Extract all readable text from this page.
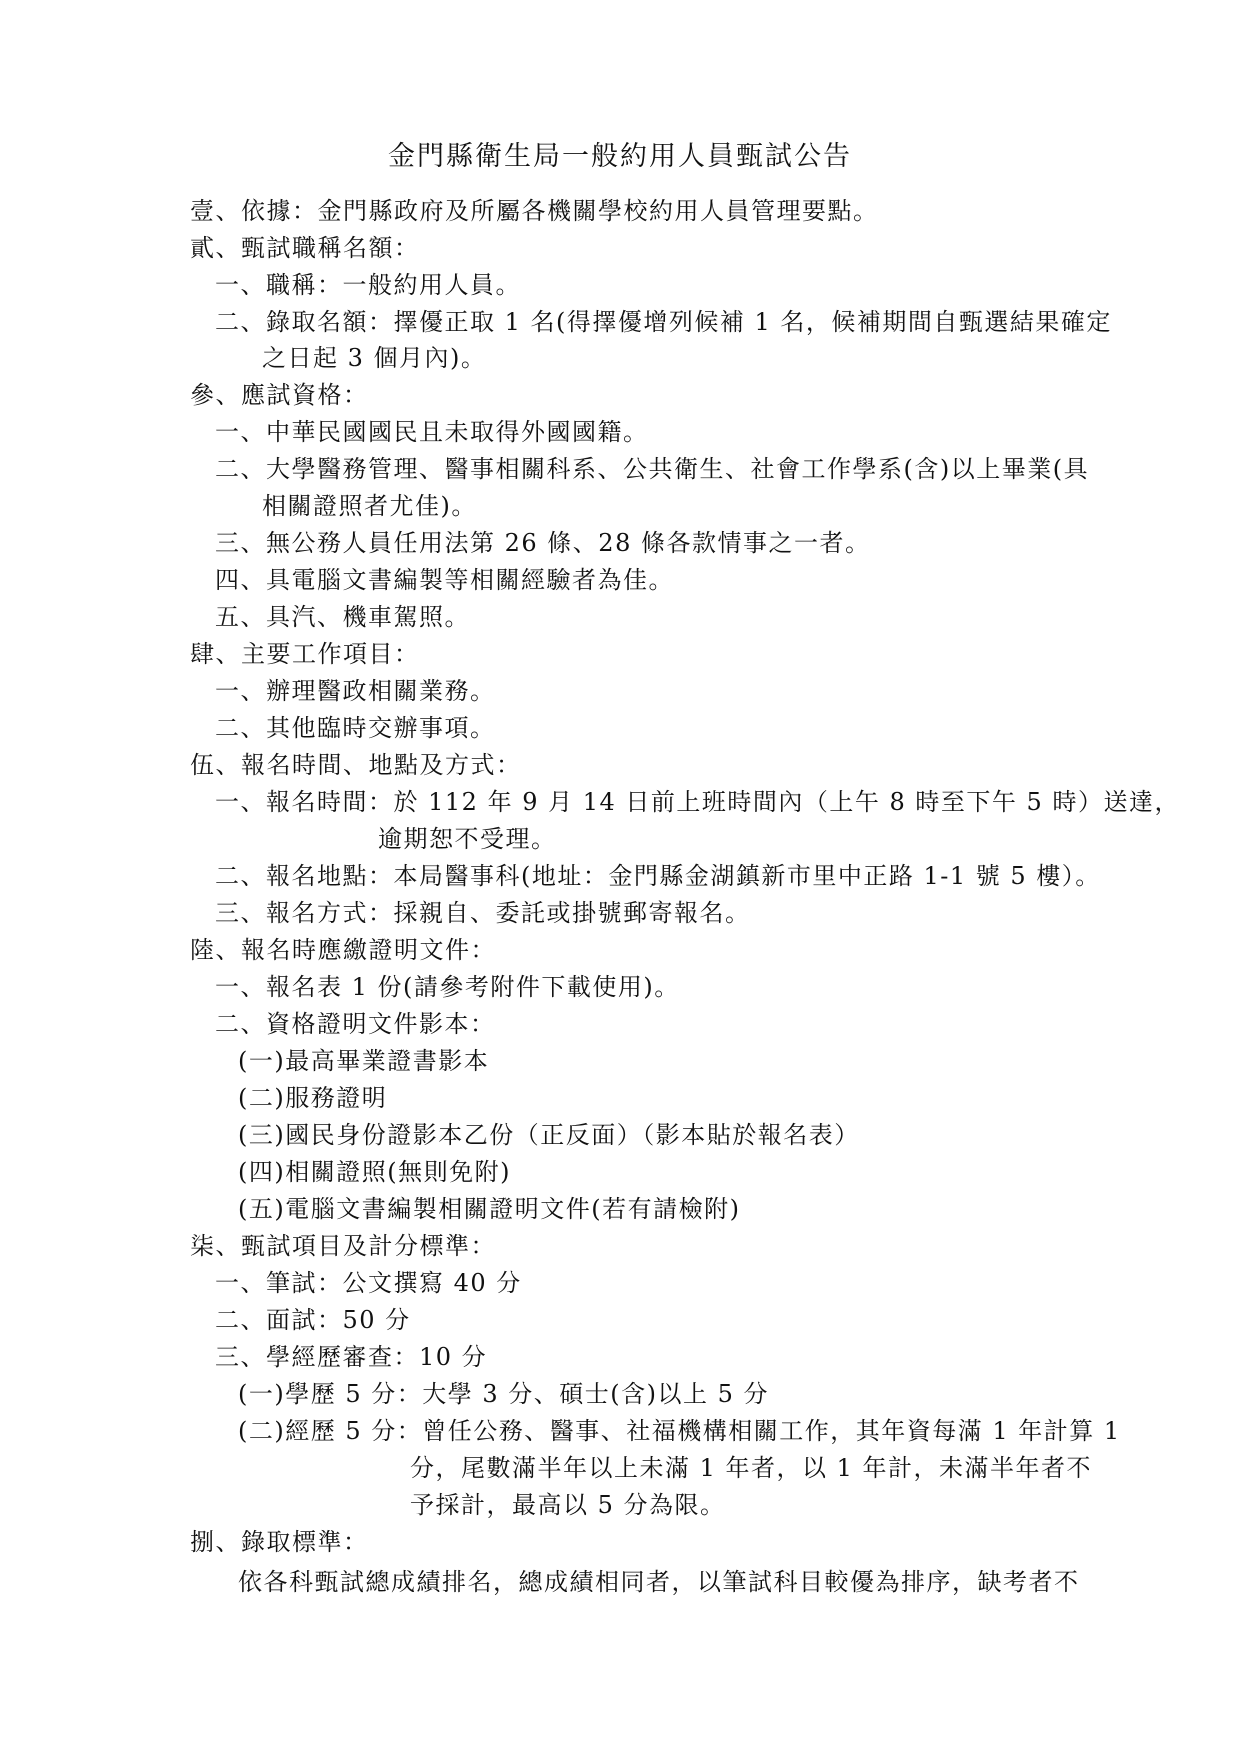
金門縣衛生局一般約用人員甄試公告
壹、依據：金門縣政府及所屬各機關學校約用人員管理要點。
貳、甄試職稱名額：
一、職稱：一般約用人員。
二、錄取名額：擇優正取 1 名(得擇優增列候補 1 名，候補期間自甄選結果確定
之日起 3 個月內)。
參、應試資格：
一、中華民國國民且未取得外國國籍。
二、大學醫務管理、醫事相關科系、公共衛生、社會工作學系(含)以上畢業(具
相關證照者尤佳)。
三、無公務人員任用法第 26 條、28 條各款情事之一者。
四、具電腦文書編製等相關經驗者為佳。
五、具汽、機車駕照。
肆、主要工作項目：
一、辦理醫政相關業務。
二、其他臨時交辦事項。
伍、報名時間、地點及方式：
一、報名時間：於 112 年 9 月 14 日前上班時間內（上午 8 時至下午 5 時）送達，
逾期恕不受理。
二、報名地點：本局醫事科(地址：金門縣金湖鎮新市里中正路 1-1 號 5 樓）。
三、報名方式：採親自、委託或掛號郵寄報名。
陸、報名時應繳證明文件：
一、報名表 1 份(請參考附件下載使用)。
二、資格證明文件影本：
(一)最高畢業證書影本
(二)服務證明
(三)國民身份證影本乙份（正反面）（影本貼於報名表）
(四)相關證照(無則免附)
(五)電腦文書編製相關證明文件(若有請檢附)
柒、甄試項目及計分標準：
一、筆試：公文撰寫 40 分
二、面試：50 分
三、學經歷審查：10 分
(一)學歷 5 分：大學 3 分、碩士(含)以上 5 分
(二)經歷 5 分：曾任公務、醫事、社福機構相關工作，其年資每滿 1 年計算 1
分，尾數滿半年以上未滿 1 年者，以 1 年計，未滿半年者不
予採計，最高以 5 分為限。
捌、錄取標準：
依各科甄試總成績排名，總成績相同者，以筆試科目較優為排序，缺考者不
